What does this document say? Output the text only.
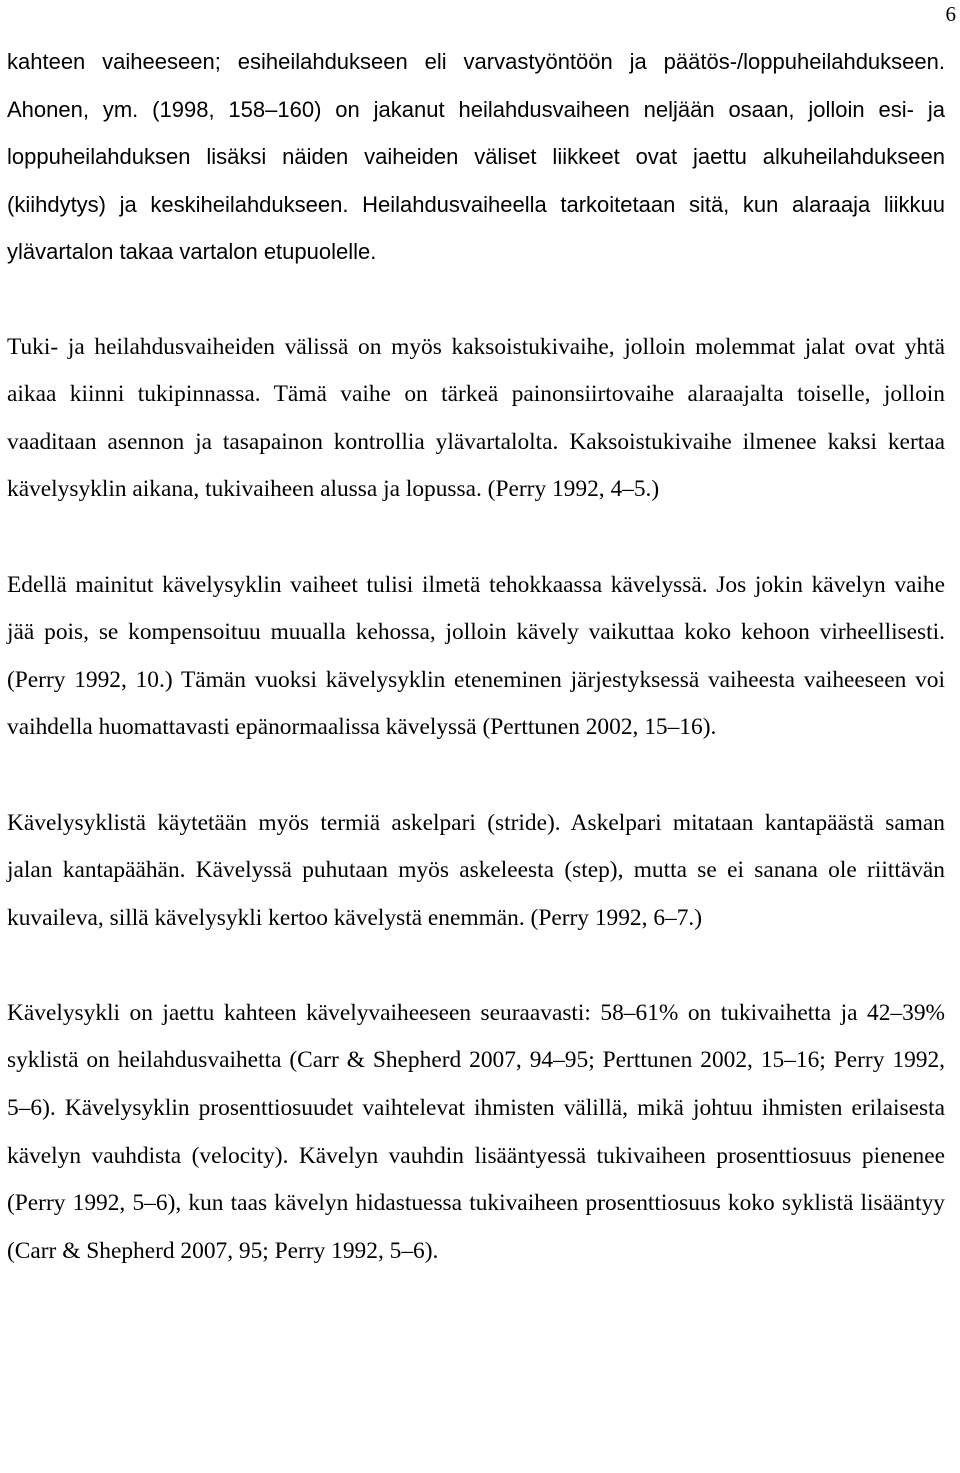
6

kahteen vaiheeseen; esiheilahdukseen eli varvastyöntöön ja päätös-/loppuheilahdukseen. Ahonen, ym. (1998, 158–160) on jakanut heilahdusvaiheen neljään osaan, jolloin esi- ja loppuheilahduksen lisäksi näiden vaiheiden väliset liikkeet ovat jaettu alkuheilahdukseen (kiihdytys) ja keskiheilahdukseen. Heilahdusvaiheella tarkoitetaan sitä, kun alaraaja liikkuu ylävartalon takaa vartalon etupuolelle.

Tuki- ja heilahdusvaiheiden välissä on myös kaksoistukivaihe, jolloin molemmat jalat ovat yhtä aikaa kiinni tukipinnassa. Tämä vaihe on tärkeä painonsiirtovaihe alaraajalta toiselle, jolloin vaaditaan asennon ja tasapainon kontrollia ylävartalolta. Kaksoistukivaihe ilmenee kaksi kertaa kävelysyklin aikana, tukivaiheen alussa ja lopussa. (Perry 1992, 4–5.)

Edellä mainitut kävelysyklin vaiheet tulisi ilmetä tehokkaassa kävelyssä. Jos jokin kävelyn vaihe jää pois, se kompensoituu muualla kehossa, jolloin kävely vaikuttaa koko kehoon virheellisesti. (Perry 1992, 10.) Tämän vuoksi kävelysyklin eteneminen järjestyksessä vaiheesta vaiheeseen voi vaihdella huomattavasti epänormaalissa kävelyssä (Perttunen 2002, 15–16).

Kävelysyklistä käytetään myös termiä askelpari (stride). Askelpari mitataan kantapäästä saman jalan kantapäähän. Kävelyssä puhutaan myös askeleesta (step), mutta se ei sanana ole riittävän kuvaileva, sillä kävelysykli kertoo kävelystä enemmän. (Perry 1992, 6–7.)

Kävelysykli on jaettu kahteen kävelyvaiheeseen seuraavasti: 58–61% on tukivaihetta ja 42–39% syklistä on heilahdusvaihetta (Carr & Shepherd 2007, 94–95; Perttunen 2002, 15–16; Perry 1992, 5–6). Kävelysyklin prosenttiosuudet vaihtelevat ihmisten välillä, mikä johtuu ihmisten erilaisesta kävelyn vauhdista (velocity). Kävelyn vauhdin lisääntyessä tukivaiheen prosenttiosuus pienenee (Perry 1992, 5–6), kun taas kävelyn hidastuessa tukivaiheen prosenttiosuus koko syklistä lisääntyy (Carr & Shepherd 2007, 95; Perry 1992, 5–6).
